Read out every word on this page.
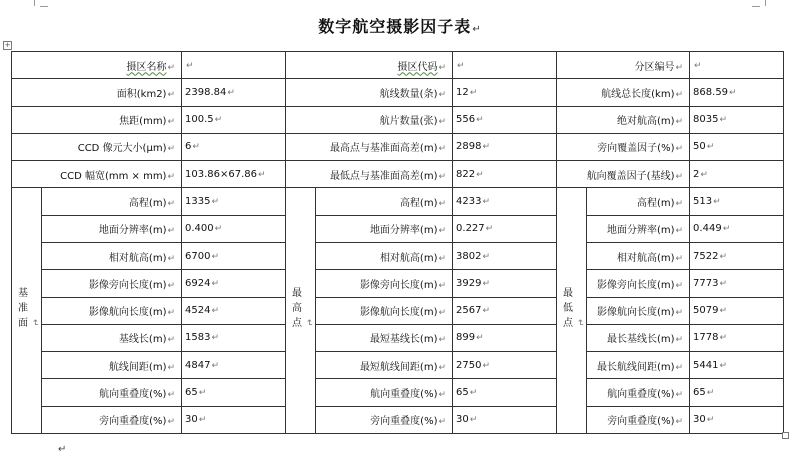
数字航空摄影因子表↵
+
摄区名称↵		↵	摄区代码↵		↵	分区编号↵		↵
面积(km2)↵		2398.84↵	航线数量(条)↵		12↵	航线总长度(km)↵		868.59↵
焦距(mm)↵		100.5↵	航片数量(张)↵		556↵	绝对航高(m)↵		8035↵
CCD 像元大小(μm)↵		6↵	最高点与基准面高差(m)↵		2898↵	旁向覆盖因子(%)↵		50↵
CCD 幅宽(mm × mm)↵		103.86×67.86↵	最低点与基准面高差(m)↵		822↵	航向覆盖因子(基线)↵		2↵
基准面 ↵	高程(m)↵	1335↵	最高点 ↵	高程(m)↵	4233↵	最低点 ↵	高程(m)↵	513↵
	地面分辨率(m)↵	0.400↵		地面分辨率(m)↵	0.227↵		地面分辨率(m)↵	0.449↵
	相对航高(m)↵	6700↵		相对航高(m)↵	3802↵		相对航高(m)↵	7522↵
	影像旁向长度(m)↵	6924↵		影像旁向长度(m)↵	3929↵		影像旁向长度(m)↵	7773↵
	影像航向长度(m)↵	4524↵		影像航向长度(m)↵	2567↵		影像航向长度(m)↵	5079↵
	基线长(m)↵	1583↵		最短基线长(m)↵	899↵		最长基线长(m)↵	1778↵
	航线间距(m)↵	4847↵		最短航线间距(m)↵	2750↵		最长航线间距(m)↵	5441↵
	航向重叠度(%)↵	65↵		航向重叠度(%)↵	65↵		航向重叠度(%)↵	65↵
	旁向重叠度(%)↵	30↵		旁向重叠度(%)↵	30↵		旁向重叠度(%)↵	30↵
↵
